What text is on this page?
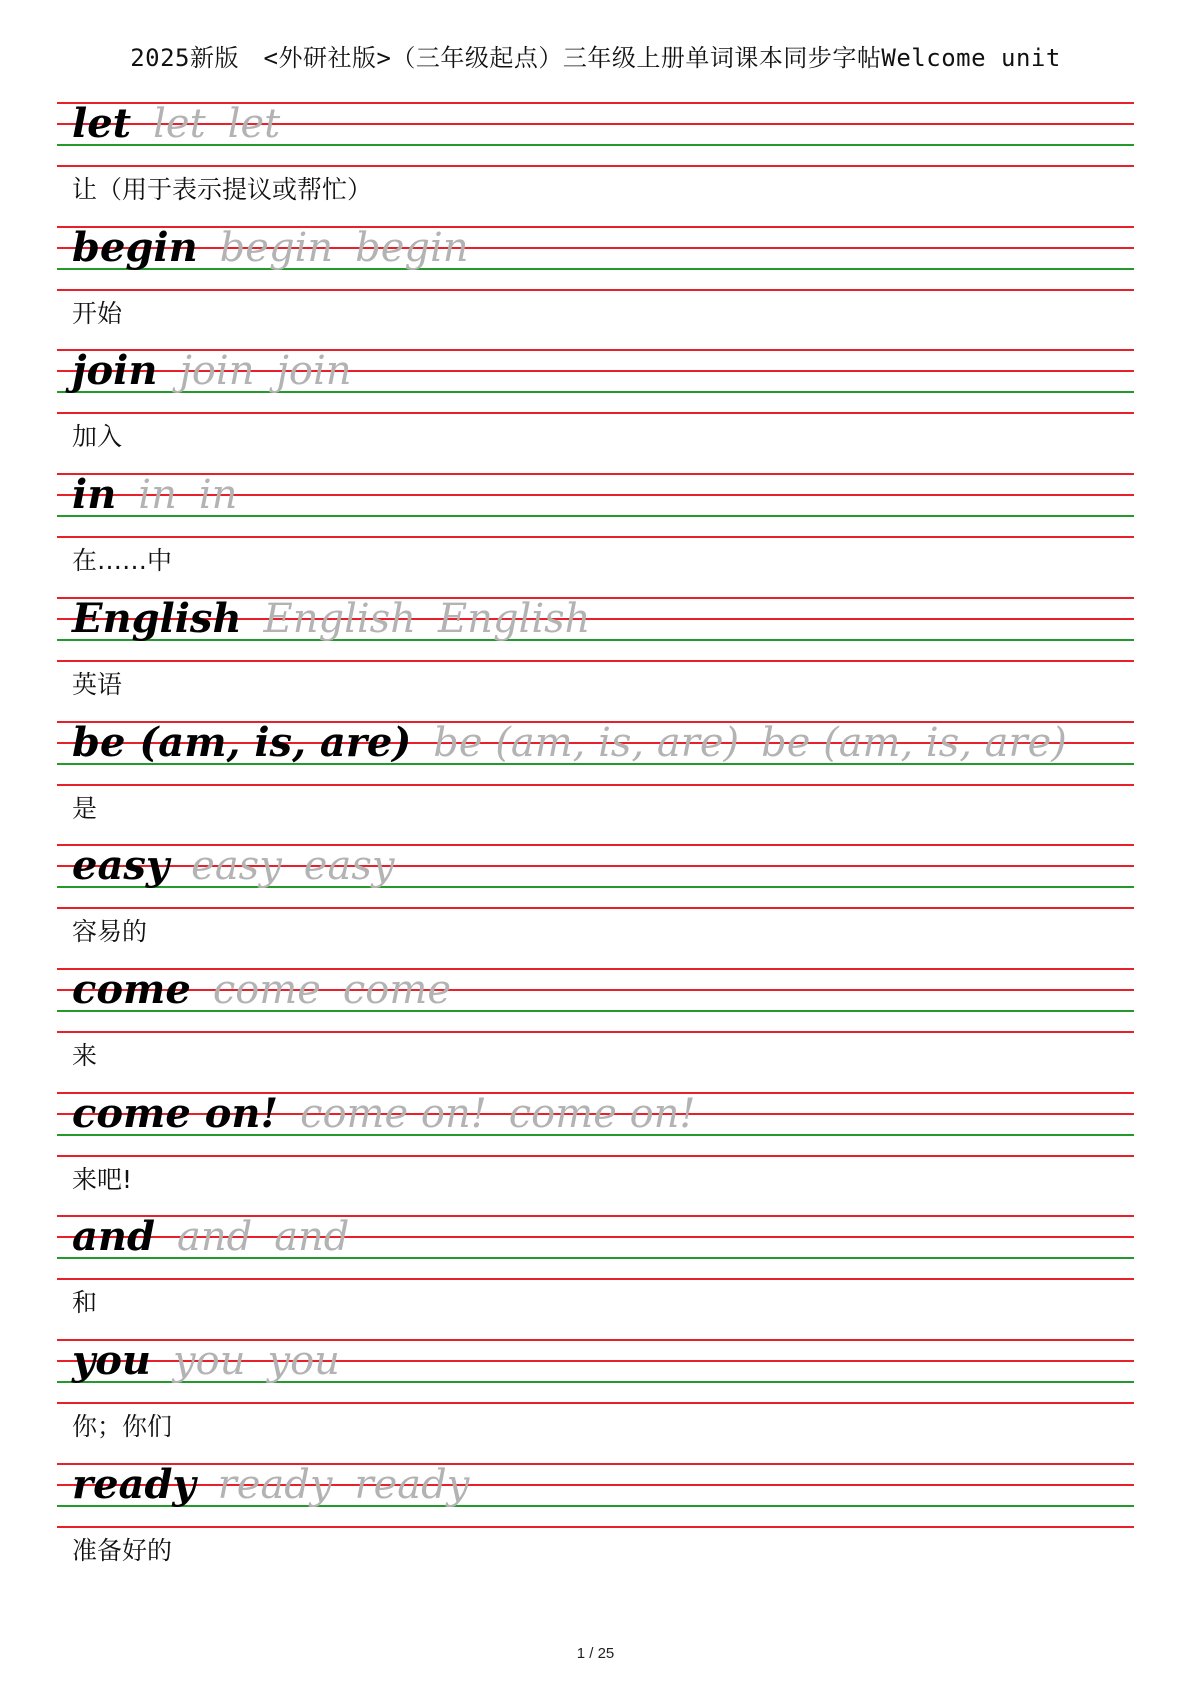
2025新版　<外研社版>（三年级起点）三年级上册单词课本同步字帖Welcome unit
let let let
让（用于表示提议或帮忙）
begin begin begin
开始
join join join
加入
in in in
在……中
English English English
英语
be (am, is, are) be (am, is, are) be (am, is, are)
是
easy easy easy
容易的
come come come
来
come on! come on! come on!
来吧!
and and and
和
you you you
你；你们
ready ready ready
准备好的
1 / 25
